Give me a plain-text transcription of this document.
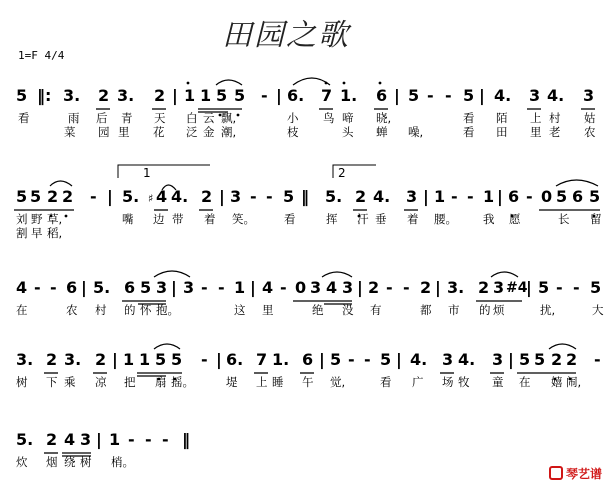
田园之歌
1=F 4/4
5 ‖: 3. 2 3. 2 | 1 1 5 5 - | 6. 7 1. 6 | 5 - - 5 | 4. 3 4. 3
看	雨 后 青 天 白 云 飘,	小 鸟 啼 晓,	看 陌 上 村 姑
菜 园 里 花 泛 金 潮,	枝	头 蝉 噪,	看 田 里 老 农
1	2
5 5 2 2 - | 5. 4 4. 2 | 3 - - 5 ‖ 5. 2 4. 3 | 1 - - 1 | 6 - 0 5 6 5
♯
刘 野 草,	嘴 边 带 着 笑。	看	挥 汗 垂 着 腰。 我 愿	长 留
割 早 稻,
4 - - 6 | 5. 6 5 3 | 3 - - 1 | 4 - 0 3 4 3 | 2 - - 2 | 3. 2 3 #4
| 5 - - 5
在	农 村 的 怀 抱。	这 里	绝 没 有	都 市 的 烦	扰,	大
3. 2 3. 2 | 1 1 5 5 - | 6. 7 1. 6 | 5 - - 5 | 4. 3 4. 3 | 5 5 2 2 -
树 下 乘 凉 把 扇 摇。	堤 上 睡 午 觉,	看 广 场 牧 童 在 嬉 闹,
5. 2 4 3 | 1 - - - ‖
炊 烟 绕 树 梢。
琴艺谱
